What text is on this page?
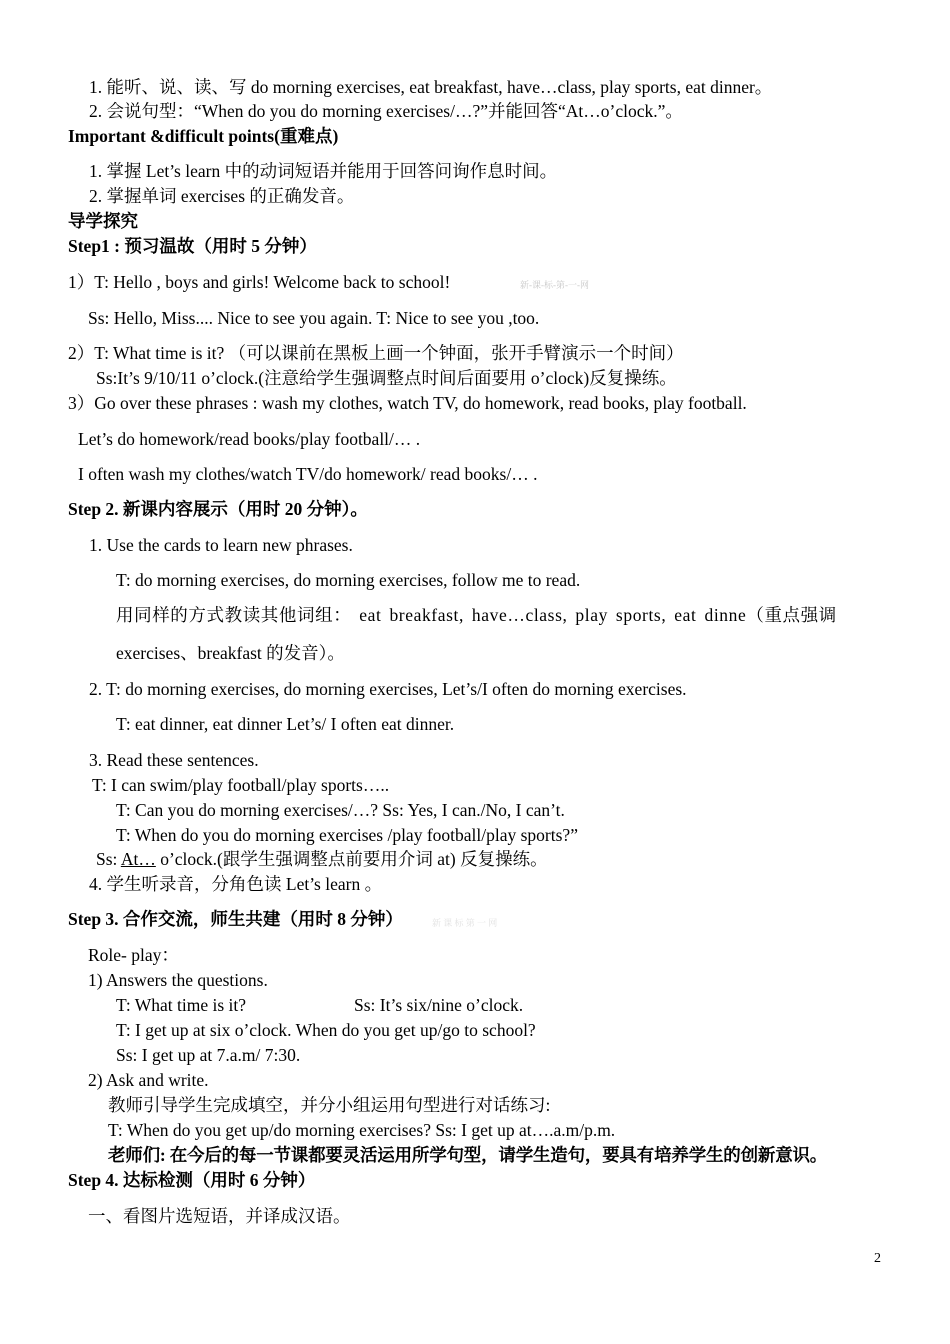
1. 能听、说、读、写 do morning exercises, eat breakfast, have…class, play sports, eat dinner。
2. 会说句型：“When do you do morning exercises/…?”并能回答“At…o’clock.”。
Important &difficult points(重难点)
1. 掌握 Let’s learn 中的动词短语并能用于回答问询作息时间。
2. 掌握单词 exercises 的正确发音。
导学探究
Step1 : 预习温故（用时 5 分钟）
1）T: Hello , boys and girls! Welcome back to school!	新-课-标-第-一-网
Ss: Hello, Miss.... Nice to see you again. T: Nice to see you ,too.
2）T: What time is it? （可以课前在黑板上画一个钟面，张开手臂演示一个时间）
Ss:It’s 9/10/11 o’clock.(注意给学生强调整点时间后面要用 o’clock)反复操练。
3）Go over these phrases : wash my clothes, watch TV, do homework, read books, play football.
Let’s do homework/read books/play football/… .
I often wash my clothes/watch TV/do homework/ read books/… .
Step 2. 新课内容展示（用时 20 分钟）。
1. Use the cards to learn new phrases.
T: do morning exercises, do morning exercises, follow me to read.
用同样的方式教读其他词组： eat breakfast, have…class, play sports, eat dinne（重点强调
exercises、breakfast 的发音）。
2. T: do morning exercises, do morning exercises, Let’s/I often do morning exercises.
T: eat dinner, eat dinner Let’s/ I often eat dinner.
3. Read these sentences.
T: I can swim/play football/play sports…..
T: Can you do morning exercises/…? Ss: Yes, I can./No, I can’t.
T: When do you do morning exercises /play football/play sports?”
Ss: At… o’clock.(跟学生强调整点前要用介词 at) 反复操练。
4. 学生听录音，分角色读 Let’s learn 。
Step 3. 合作交流，师生共建（用时 8 分钟）	新 课 标 第 一 网
Role- play：
1) Answers the questions.
T: What time is it?	Ss: It’s six/nine o’clock.
T: I get up at six o’clock. When do you get up/go to school?
Ss: I get up at 7.a.m/ 7:30.
2) Ask and write.
教师引导学生完成填空，并分小组运用句型进行对话练习:
T: When do you get up/do morning exercises? Ss: I get up at….a.m/p.m.
老师们: 在今后的每一节课都要灵活运用所学句型，请学生造句，要具有培养学生的创新意识。
Step 4. 达标检测（用时 6 分钟）
一、看图片选短语，并译成汉语。
2
